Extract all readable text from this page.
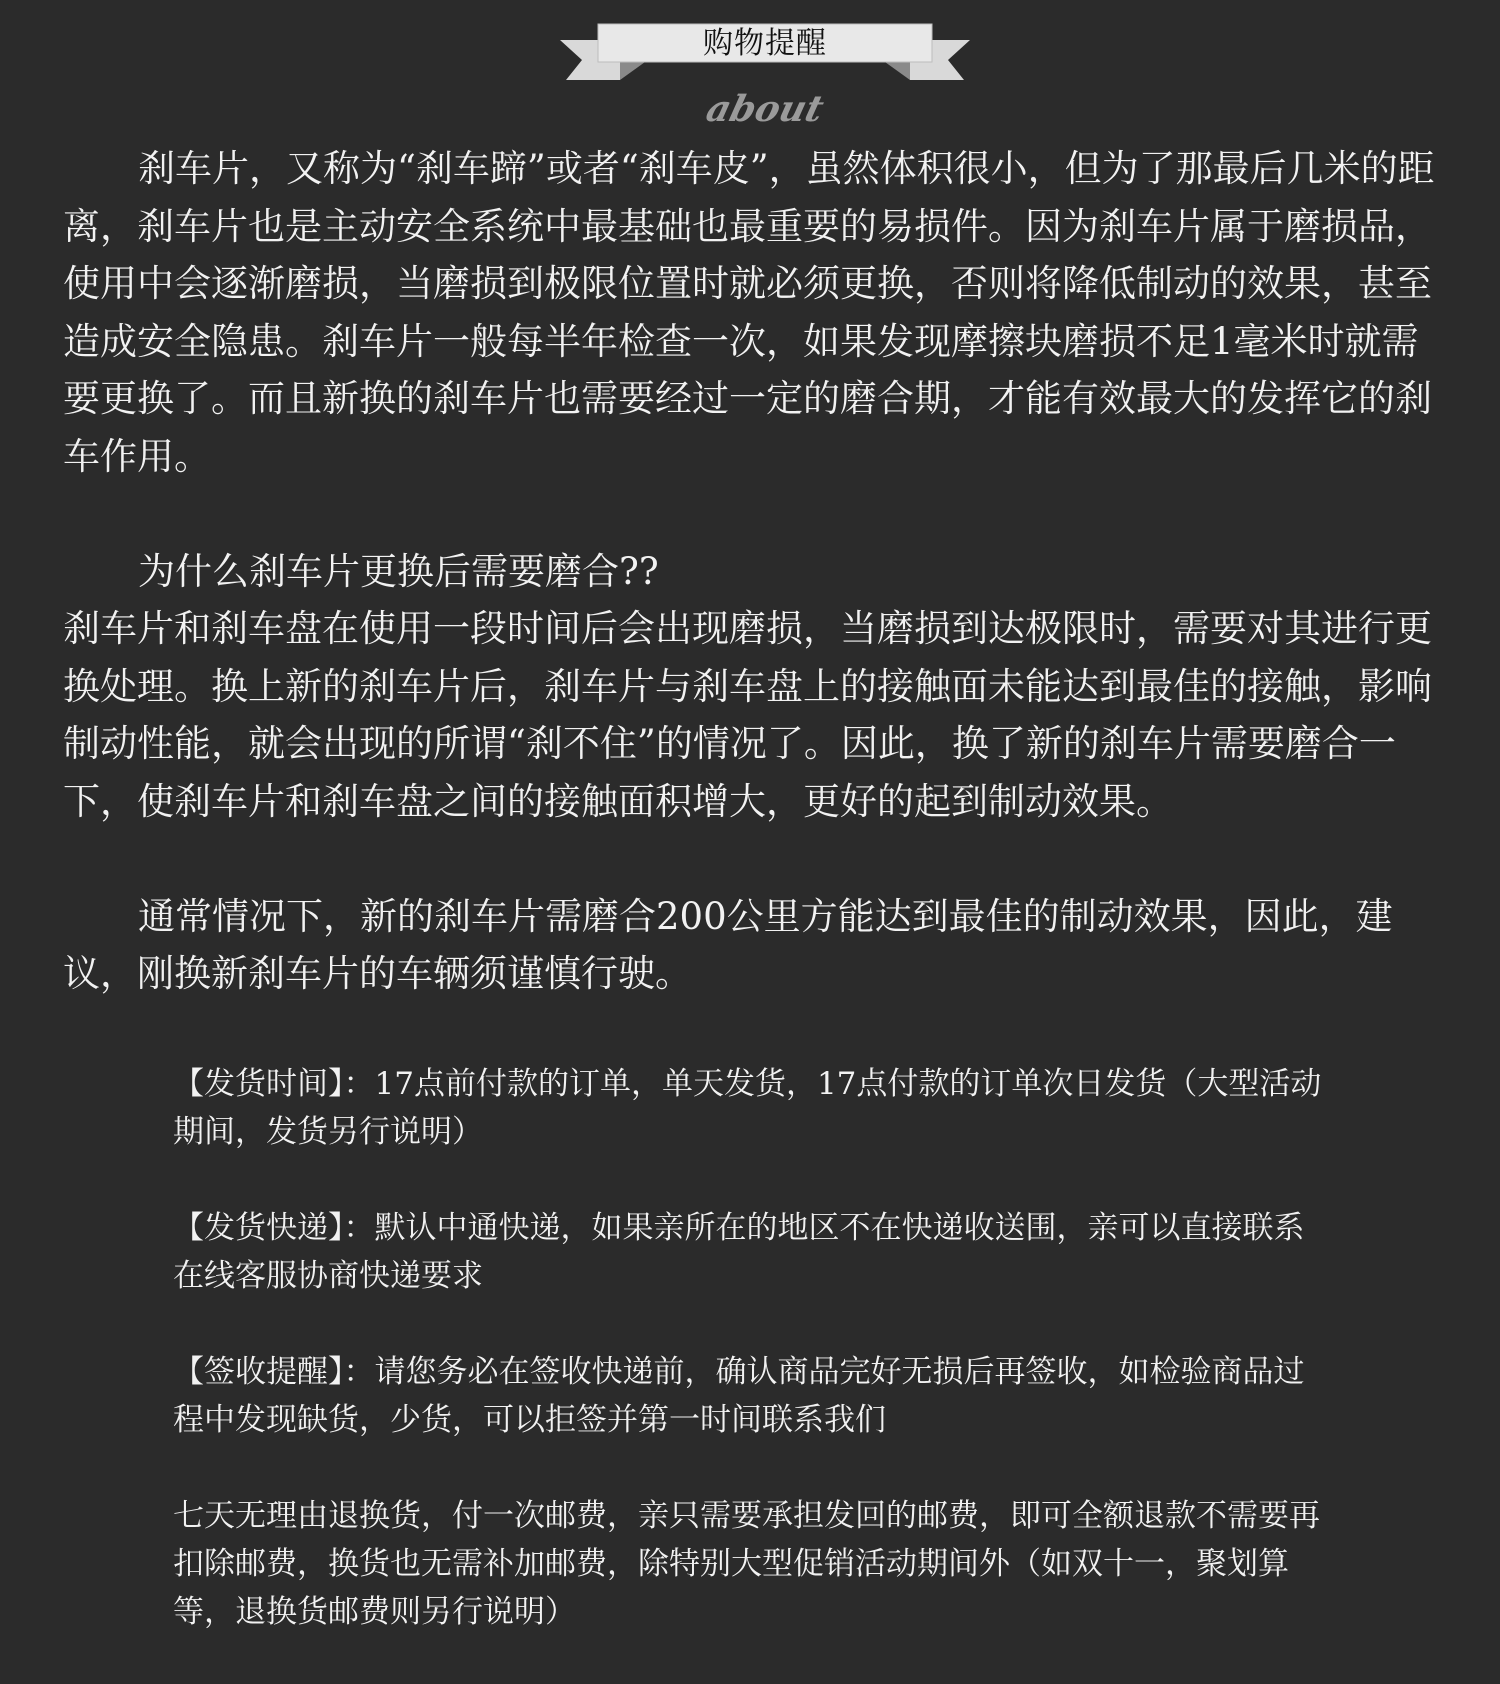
购物提醒
about

刹车片，又称为“刹车蹄”或者“刹车皮”，虽然体积很小，但为了那最后几米的距离，刹车片也是主动安全系统中最基础也最重要的易损件。因为刹车片属于磨损品，使用中会逐渐磨损，当磨损到极限位置时就必须更换，否则将降低制动的效果，甚至造成安全隐患。刹车片一般每半年检查一次，如果发现摩擦块磨损不足1毫米时就需要更换了。而且新换的刹车片也需要经过一定的磨合期，才能有效最大的发挥它的刹车作用。

为什么刹车片更换后需要磨合??

刹车片和刹车盘在使用一段时间后会出现磨损，当磨损到达极限时，需要对其进行更换处理。换上新的刹车片后，刹车片与刹车盘上的接触面未能达到最佳的接触，影响制动性能，就会出现的所谓“刹不住”的情况了。因此，换了新的刹车片需要磨合一下，使刹车片和刹车盘之间的接触面积增大，更好的起到制动效果。

通常情况下，新的刹车片需磨合200公里方能达到最佳的制动效果，因此，建议，刚换新刹车片的车辆须谨慎行驶。

【发货时间】：17点前付款的订单，单天发货，17点付款的订单次日发货（大型活动期间，发货另行说明）

【发货快递】：默认中通快递，如果亲所在的地区不在快递收送围，亲可以直接联系在线客服协商快递要求

【签收提醒】：请您务必在签收快递前，确认商品完好无损后再签收，如检验商品过程中发现缺货，少货，可以拒签并第一时间联系我们

七天无理由退换货，付一次邮费，亲只需要承担发回的邮费，即可全额退款不需要再扣除邮费，换货也无需补加邮费，除特别大型促销活动期间外（如双十一，聚划算等，退换货邮费则另行说明）
